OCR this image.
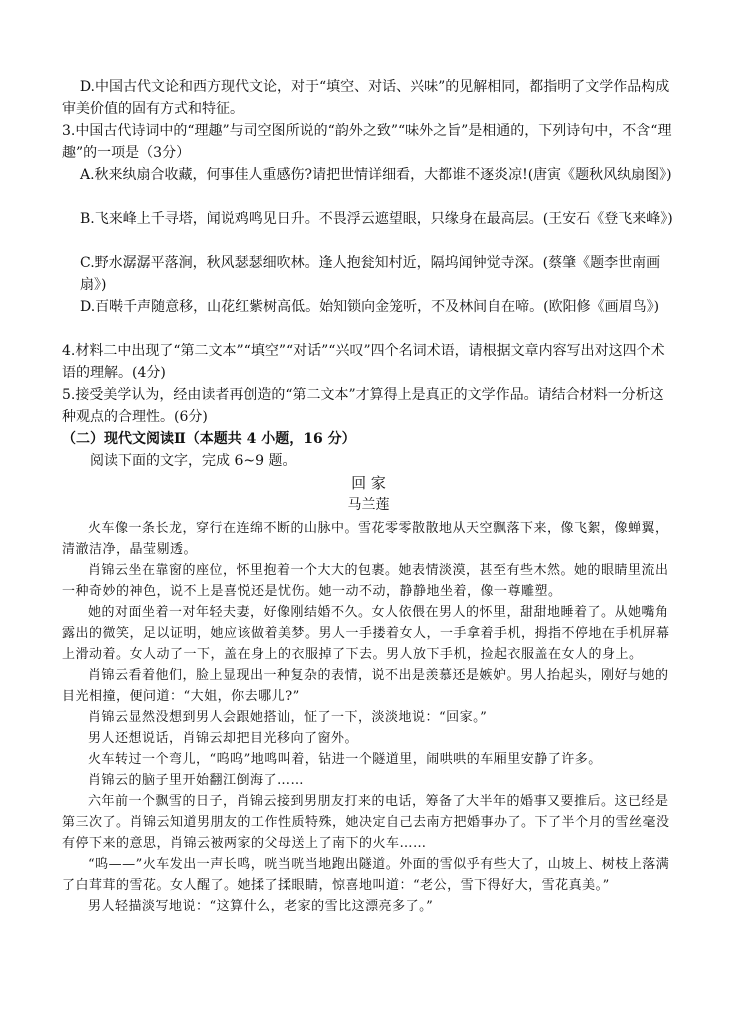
D.中国古代文论和西方现代文论，对于“填空、对话、兴味”的见解相同，都指明了文学作品构成审美价值的固有方式和特征。
3.中国古代诗词中的“理趣”与司空图所说的“韵外之致”“味外之旨”是相通的，下列诗句中，不含“理趣”的一项是（3分）
A.秋来纨扇合收藏，何事佳人重感伤?请把世情详细看，大都谁不逐炎凉!(唐寅《题秋风纨扇图》)
B.飞来峰上千寻塔，闻说鸡鸣见日升。不畏浮云遮望眼，只缘身在最高层。(王安石《登飞来峰》)
C.野水潺潺平落涧，秋风瑟瑟细吹林。逢人抱瓮知村近，隔坞闻钟觉寺深。(蔡肇《题李世南画扇》)
D.百啭千声随意移，山花红紫树高低。始知锁向金笼听，不及林间自在啼。(欧阳修《画眉鸟》)
4.材料二中出现了“第二文本”“填空”“对话”“兴叹”四个名词术语，请根据文章内容写出对这四个术语的理解。(4分)
5.接受美学认为，经由读者再创造的“第二文本”才算得上是真正的文学作品。请结合材料一分析这种观点的合理性。(6分)
（二）现代文阅读Ⅱ（本题共 4 小题，16 分）
阅读下面的文字，完成 6~9 题。
回 家
马兰莲

火车像一条长龙，穿行在连绵不断的山脉中。雪花零零散散地从天空飘落下来，像飞絮，像蝉翼，清澈洁净，晶莹剔透。

肖锦云坐在靠窗的座位，怀里抱着一个大大的包裹。她表情淡漠，甚至有些木然。她的眼睛里流出一种奇妙的神色，说不上是喜悦还是忧伤。她一动不动，静静地坐着，像一尊雕塑。

她的对面坐着一对年轻夫妻，好像刚结婚不久。女人依偎在男人的怀里，甜甜地睡着了。从她嘴角露出的微笑，足以证明，她应该做着美梦。男人一手搂着女人，一手拿着手机，拇指不停地在手机屏幕上滑动着。女人动了一下，盖在身上的衣服掉了下去。男人放下手机，捡起衣服盖在女人的身上。

肖锦云看着他们，脸上显现出一种复杂的表情，说不出是羡慕还是嫉妒。男人抬起头，刚好与她的目光相撞，便问道：“大姐，你去哪儿?”

肖锦云显然没想到男人会跟她搭讪，怔了一下，淡淡地说：“回家。”

男人还想说话，肖锦云却把目光移向了窗外。

火车转过一个弯儿，“呜呜”地鸣叫着，钻进一个隧道里，闹哄哄的车厢里安静了许多。

肖锦云的脑子里开始翻江倒海了……

六年前一个飘雪的日子，肖锦云接到男朋友打来的电话，筹备了大半年的婚事又要推后。这已经是第三次了。肖锦云知道男朋友的工作性质特殊，她决定自己去南方把婚事办了。下了半个月的雪丝毫没有停下来的意思，肖锦云被两家的父母送上了南下的火车……

“呜——”火车发出一声长鸣，咣当咣当地跑出隧道。外面的雪似乎有些大了，山坡上、树枝上落满了白茸茸的雪花。女人醒了。她揉了揉眼睛，惊喜地叫道：“老公，雪下得好大，雪花真美。”

男人轻描淡写地说：“这算什么，老家的雪比这漂亮多了。”
